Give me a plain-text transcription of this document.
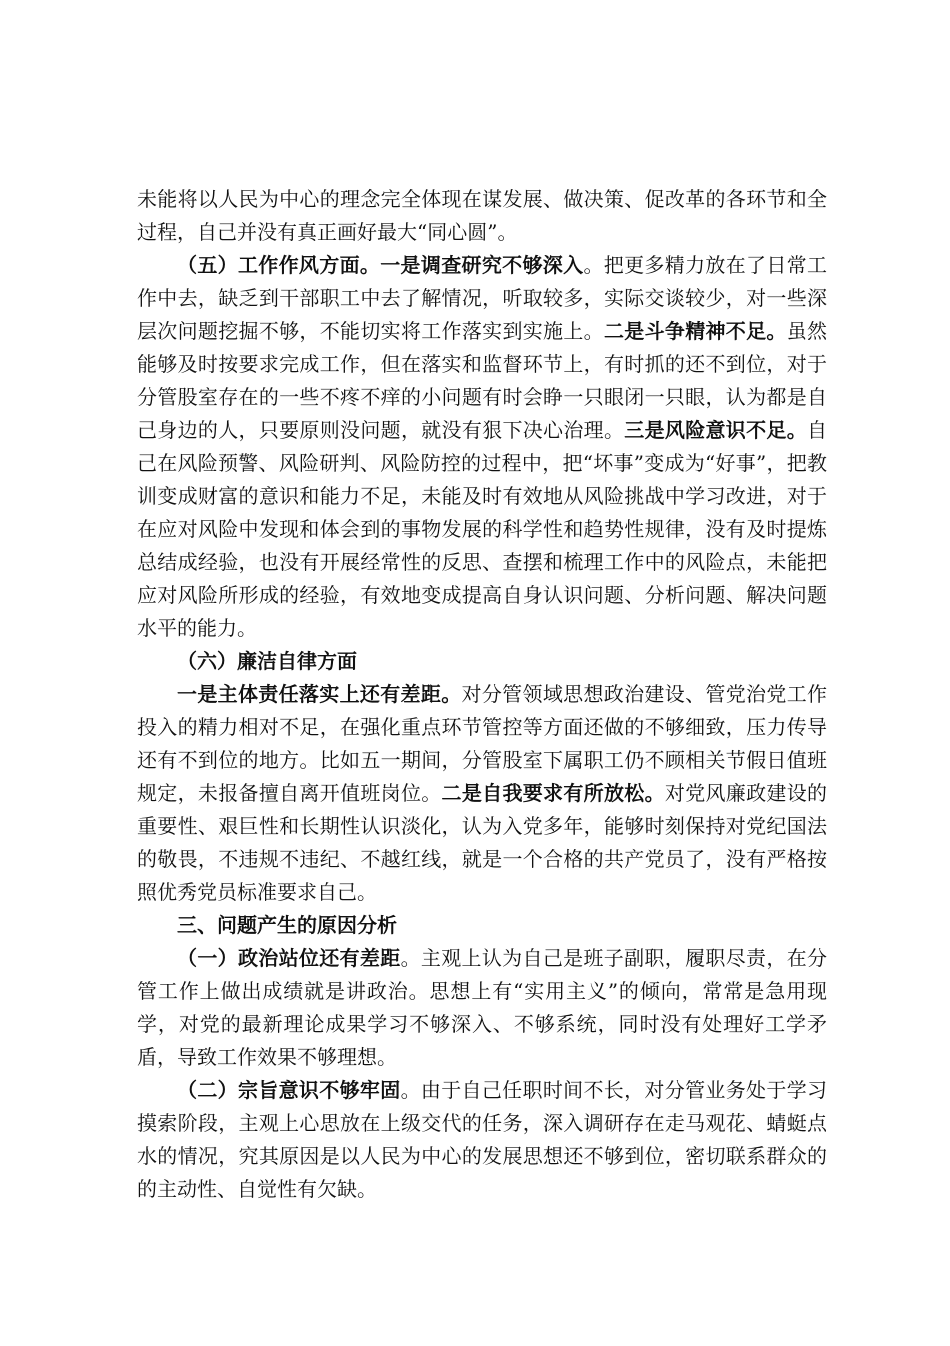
未能将以人民为中心的理念完全体现在谋发展、做决策、促改革的各环节和全过程，自己并没有真正画好最大“同心圆”。

（五）工作作风方面。一是调查研究不够深入。把更多精力放在了日常工作中去，缺乏到干部职工中去了解情况，听取较多，实际交谈较少，对一些深层次问题挖掘不够，不能切实将工作落实到实施上。二是斗争精神不足。虽然能够及时按要求完成工作，但在落实和监督环节上，有时抓的还不到位，对于分管股室存在的一些不疼不痒的小问题有时会睁一只眼闭一只眼，认为都是自己身边的人，只要原则没问题，就没有狠下决心治理。三是风险意识不足。自己在风险预警、风险研判、风险防控的过程中，把“坏事”变成为“好事”，把教训变成财富的意识和能力不足，未能及时有效地从风险挑战中学习改进，对于在应对风险中发现和体会到的事物发展的科学性和趋势性规律，没有及时提炼总结成经验，也没有开展经常性的反思、查摆和梳理工作中的风险点，未能把应对风险所形成的经验，有效地变成提高自身认识问题、分析问题、解决问题水平的能力。

（六）廉洁自律方面

一是主体责任落实上还有差距。对分管领域思想政治建设、管党治党工作投入的精力相对不足，在强化重点环节管控等方面还做的不够细致，压力传导还有不到位的地方。比如五一期间，分管股室下属职工仍不顾相关节假日值班规定，未报备擅自离开值班岗位。二是自我要求有所放松。对党风廉政建设的重要性、艰巨性和长期性认识淡化，认为入党多年，能够时刻保持对党纪国法的敬畏，不违规不违纪、不越红线，就是一个合格的共产党员了，没有严格按照优秀党员标准要求自己。

三、问题产生的原因分析

（一）政治站位还有差距。主观上认为自己是班子副职，履职尽责，在分管工作上做出成绩就是讲政治。思想上有“实用主义”的倾向，常常是急用现学，对党的最新理论成果学习不够深入、不够系统，同时没有处理好工学矛盾，导致工作效果不够理想。

（二）宗旨意识不够牢固。由于自己任职时间不长，对分管业务处于学习摸索阶段，主观上心思放在上级交代的任务，深入调研存在走马观花、蜻蜓点水的情况，究其原因是以人民为中心的发展思想还不够到位，密切联系群众的的主动性、自觉性有欠缺。
